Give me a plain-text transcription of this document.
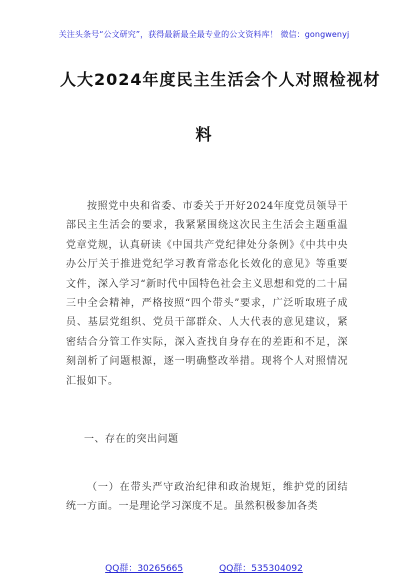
关注头条号“公文研究”，获得最新最全最专业的公文资料库！ 微信：gongwenyj
人大2024年度民主生活会个人对照检视材
料
按照党中央和省委、市委关于开好2024年度党员领导干部民主生活会的要求，我紧紧围绕这次民主生活会主题重温党章党规，认真研读《中国共产党纪律处分条例》《中共中央办公厅关于推进党纪学习教育常态化长效化的意见》等重要文件，深入学习“新时代中国特色社会主义思想和党的二十届三中全会精神，严格按照“四个带头”要求，广泛听取班子成员、基层党组织、党员干部群众、人大代表的意见建议，紧密结合分管工作实际，深入查找自身存在的差距和不足，深刻剖析了问题根源，逐一明确整改举措。现将个人对照情况汇报如下。
一、存在的突出问题
（一）在带头严守政治纪律和政治规矩，维护党的团结统一方面。一是理论学习深度不足。虽然积极参加各类
QQ群：30265665	QQ群：535304092
